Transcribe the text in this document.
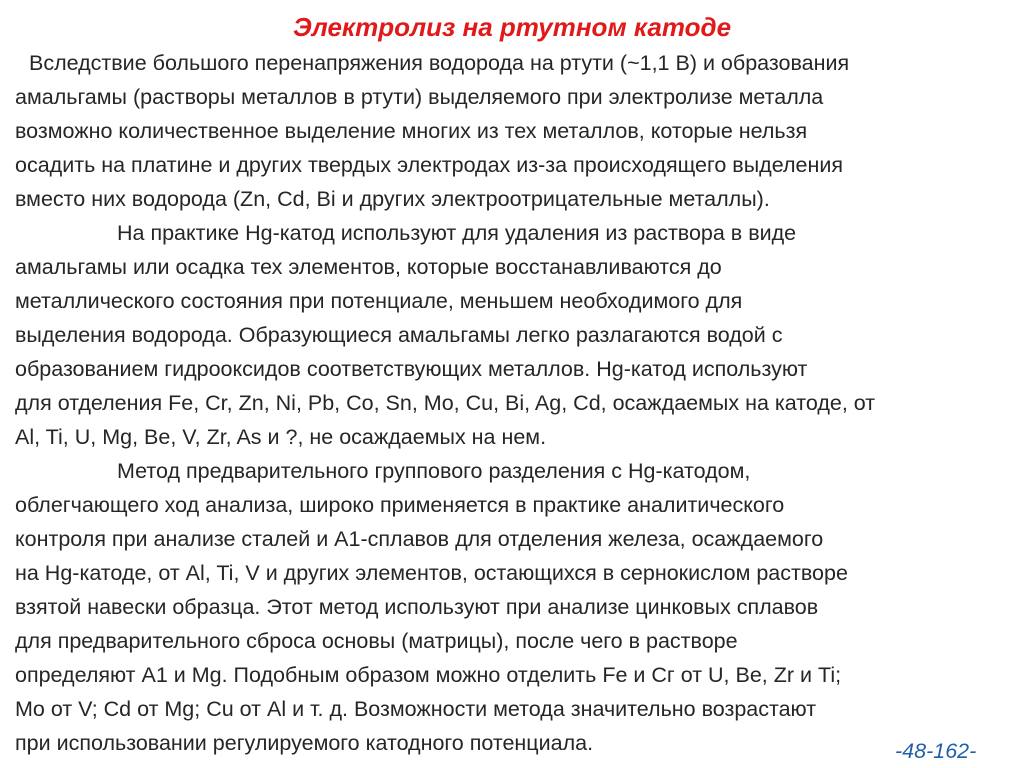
Электролиз на ртутном катоде
Вследствие большого перенапряжения водорода на ртути (~1,1 В) и образования
амальгамы (растворы металлов в ртути) выделяемого при электролизе металла
возможно количественное выделение многих из тех металлов, которые нельзя
осадить на платине и других твердых электродах из-за происходящего выделения
вместо них водорода (Zn, Cd, Bi и других электроотрицательные металлы).
На практике Hg-катод используют для удаления из раствора в виде
амальгамы или осадка тех элементов, которые восстанавливаются до
металлического состояния при потенциале, меньшем необходимого для
выделения водорода. Образующиеся амальгамы легко разлагаются водой с
образованием гидрооксидов соответствующих металлов. Hg-катод используют
для отделения Fe, Cr, Zn, Ni, Pb, Co, Sn, Mo, Cu, Bi, Ag, Cd, осаждаемых на катоде, от
Al, Ti, U, Mg, Be, V, Zr, As и ?, не осаждаемых на нем.
Метод предварительного группового разделения с Hg-катодом,
облегчающего ход анализа, широко применяется в практике аналитического
контроля при анализе сталей и А1-сплавов для отделения железа, осаждаемого
на Hg-катоде, от Al, Ti, V и других элементов, остающихся в сернокислом растворе
взятой навески образца. Этот метод используют при анализе цинковых сплавов
для предварительного сброса основы (матрицы), после чего в растворе
определяют А1 и Mg. Подобным образом можно отделить Fe и Сг от U, Be, Zr и Ti;
Mo от V; Cd от Mg; Cu от Al и т. д. Возможности метода значительно возрастают
при использовании регулируемого катодного потенциала.	-48-162-
